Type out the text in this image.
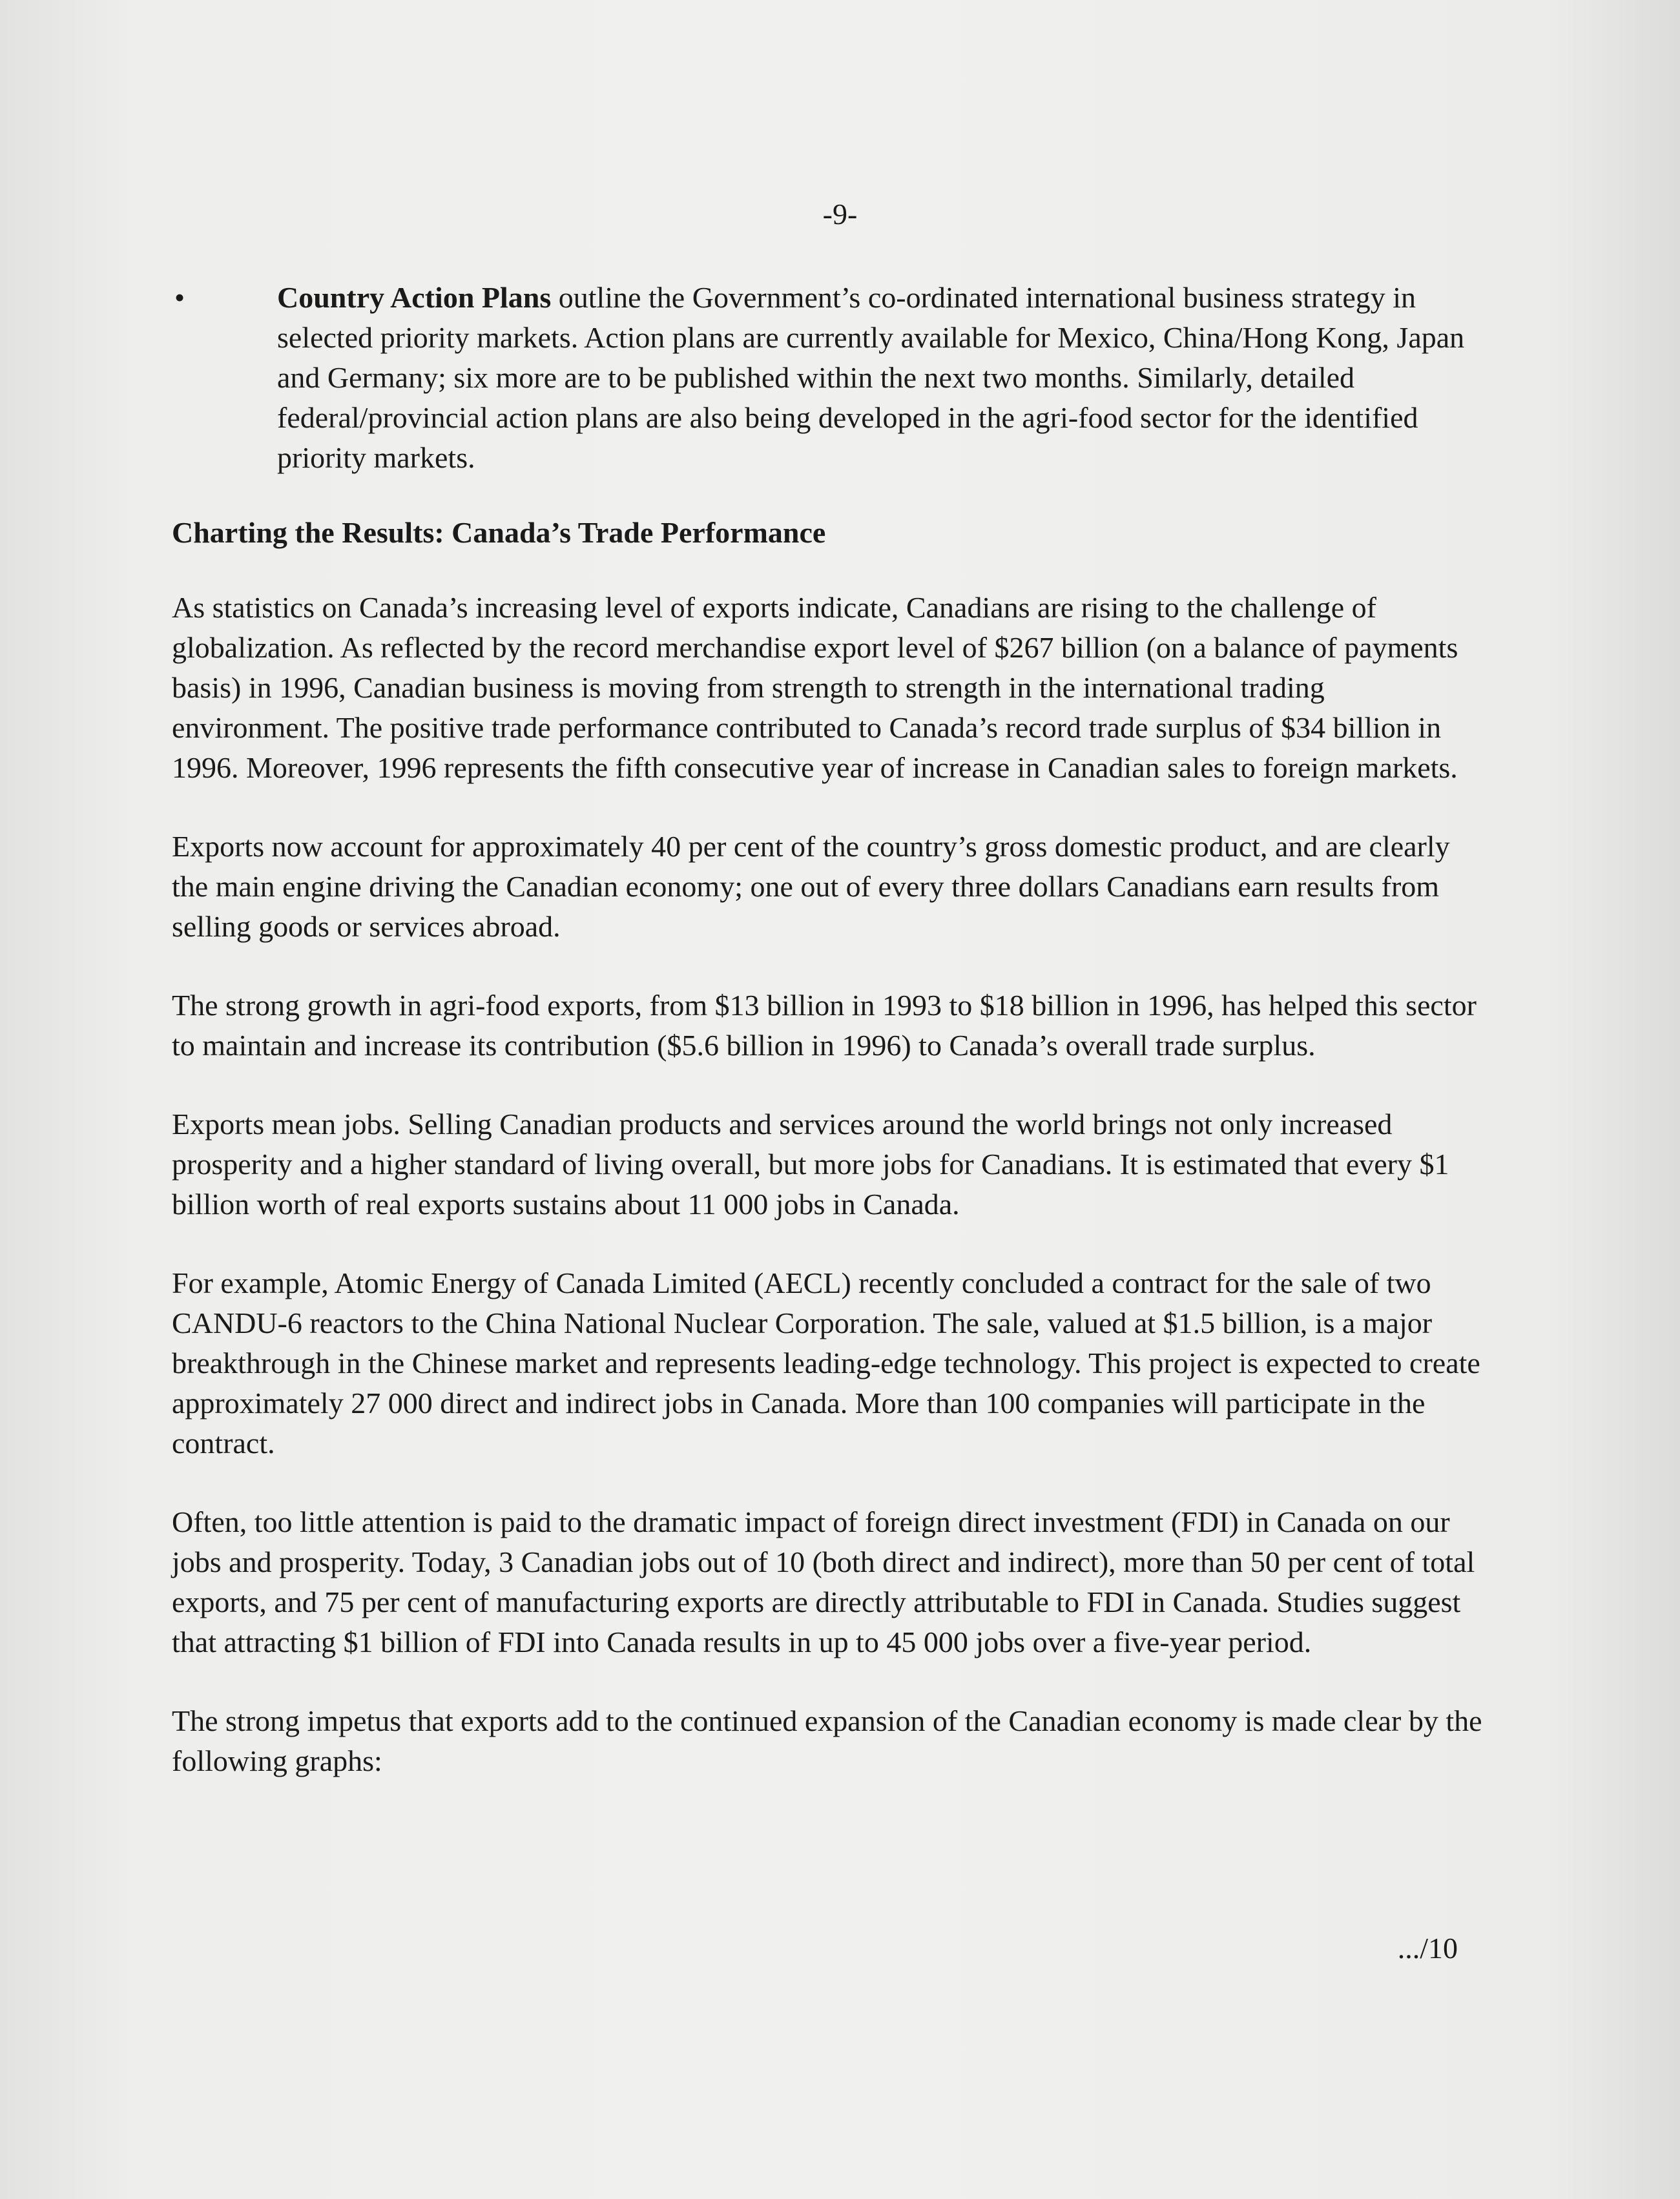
-9-
•	Country Action Plans outline the Government’s co-ordinated international business strategy in selected priority markets. Action plans are currently available for Mexico, China/Hong Kong, Japan and Germany; six more are to be published within the next two months. Similarly, detailed federal/provincial action plans are also being developed in the agri-food sector for the identified priority markets.
Charting the Results: Canada’s Trade Performance

As statistics on Canada’s increasing level of exports indicate, Canadians are rising to the challenge of globalization. As reflected by the record merchandise export level of $267 billion (on a balance of payments basis) in 1996, Canadian business is moving from strength to strength in the international trading environment. The positive trade performance contributed to Canada’s record trade surplus of $34 billion in 1996. Moreover, 1996 represents the fifth consecutive year of increase in Canadian sales to foreign markets.

Exports now account for approximately 40 per cent of the country’s gross domestic product, and are clearly the main engine driving the Canadian economy; one out of every three dollars Canadians earn results from selling goods or services abroad.

The strong growth in agri-food exports, from $13 billion in 1993 to $18 billion in 1996, has helped this sector to maintain and increase its contribution ($5.6 billion in 1996) to Canada’s overall trade surplus.

Exports mean jobs. Selling Canadian products and services around the world brings not only increased prosperity and a higher standard of living overall, but more jobs for Canadians. It is estimated that every $1 billion worth of real exports sustains about 11 000 jobs in Canada.

For example, Atomic Energy of Canada Limited (AECL) recently concluded a contract for the sale of two CANDU-6 reactors to the China National Nuclear Corporation. The sale, valued at $1.5 billion, is a major breakthrough in the Chinese market and represents leading-edge technology. This project is expected to create approximately 27 000 direct and indirect jobs in Canada. More than 100 companies will participate in the contract.

Often, too little attention is paid to the dramatic impact of foreign direct investment (FDI) in Canada on our jobs and prosperity. Today, 3 Canadian jobs out of 10 (both direct and indirect), more than 50 per cent of total exports, and 75 per cent of manufacturing exports are directly attributable to FDI in Canada. Studies suggest that attracting $1 billion of FDI into Canada results in up to 45 000 jobs over a five-year period.

The strong impetus that exports add to the continued expansion of the Canadian economy is made clear by the following graphs:

.../10
